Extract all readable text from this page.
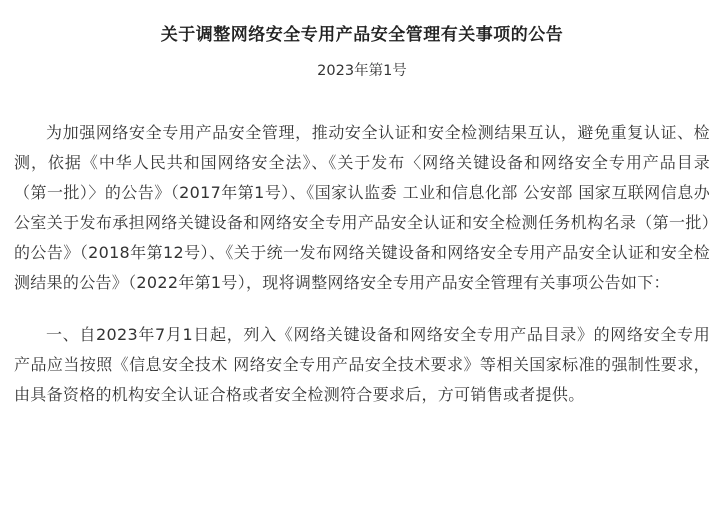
关于调整网络安全专用产品安全管理有关事项的公告
2023年第1号

为加强网络安全专用产品安全管理，推动安全认证和安全检测结果互认，避免重复认证、检测，依据《中华人民共和国网络安全法》、《关于发布〈网络关键设备和网络安全专用产品目录（第一批）〉的公告》（2017年第1号）、《国家认监委 工业和信息化部 公安部 国家互联网信息办公室关于发布承担网络关键设备和网络安全专用产品安全认证和安全检测任务机构名录（第一批）的公告》（2018年第12号）、《关于统一发布网络关键设备和网络安全专用产品安全认证和安全检测结果的公告》（2022年第1号），现将调整网络安全专用产品安全管理有关事项公告如下：

一、自2023年7月1日起，列入《网络关键设备和网络安全专用产品目录》的网络安全专用产品应当按照《信息安全技术 网络安全专用产品安全技术要求》等相关国家标准的强制性要求，由具备资格的机构安全认证合格或者安全检测符合要求后，方可销售或者提供。
